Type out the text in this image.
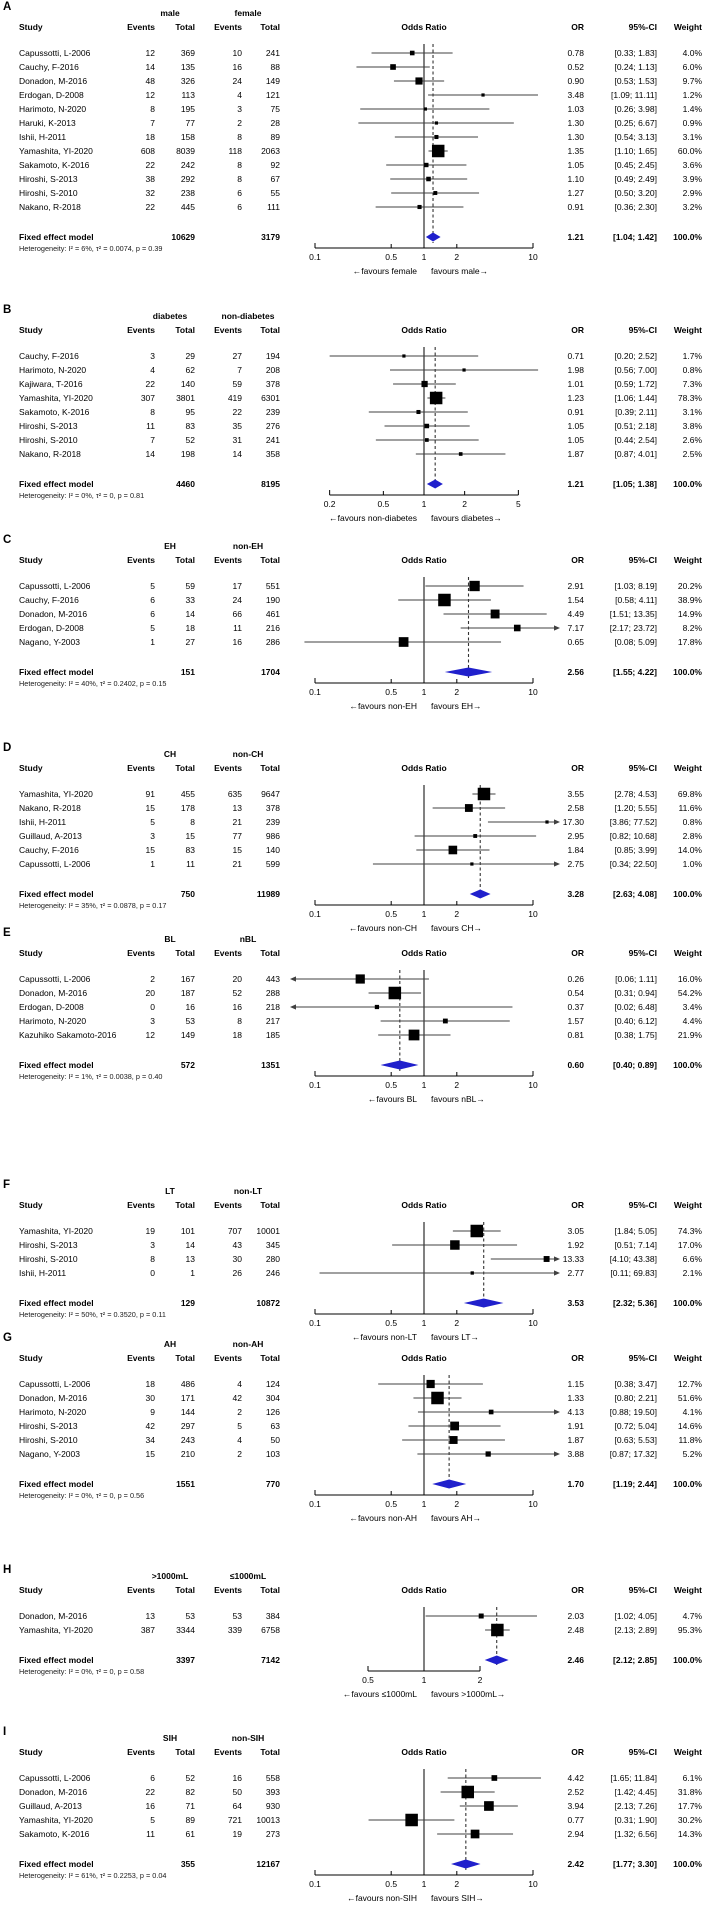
A	male	female
Study	Events Total Events Total	Odds Ratio	OR	95%-CI Weight
Capussotti, L-2006	12	369	10	241	0.78	[0.33; 1.83]	4.0%
Cauchy, F-2016	14	135	16	88	0.52	[0.24; 1.13]	6.0%
Donadon, M-2016	48	326	24	149	0.90	[0.53; 1.53]	9.7%
Erdogan, D-2008	12	113	4	121	3.48	[1.09; 11.11]	1.2%
Harimoto, N-2020	8	195	3	75	1.03	[0.26; 3.98]	1.4%
Haruki, K-2013	7	77	2	28	1.30	[0.25; 6.67]	0.9%
Ishii, H-2011	18	158	8	89	1.30	[0.54; 3.13]	3.1%
Yamashita, YI-2020	608 8039	118 2063	1.35	[1.10; 1.65] 60.0%
Sakamoto, K-2016	22	242	8	92	1.05	[0.45; 2.45]	3.6%
Hiroshi, S-2013	38	292	8	67	1.10	[0.49; 2.49]	3.9%
Hiroshi, S-2010	32	238	6	55	1.27	[0.50; 3.20]	2.9%
Nakano, R-2018	22	445	6	111	0.91	[0.36; 2.30]	3.2%
Fixed effect model	10629	3179	1.21	[1.04; 1.42] 100.0%
Heterogeneity: I² = 6%, τ² = 0.0074, p = 0.39
0.1	0.5	1	2	10
←favours female favours male→
B	diabetes	non-diabetes
Study	Events Total Events Total	Odds Ratio	OR	95%-CI Weight
Cauchy, F-2016	3	29	27	194	0.71	[0.20; 2.52]	1.7%
Harimoto, N-2020	4	62	7	208	1.98	[0.56; 7.00]	0.8%
Kajiwara, T-2016	22	140	59	378	1.01	[0.59; 1.72]	7.3%
Yamashita, YI-2020	307 3801	419 6301	1.23	[1.06; 1.44] 78.3%
Sakamoto, K-2016	8	95	22	239	0.91	[0.39; 2.11]	3.1%
Hiroshi, S-2013	11	83	35	276	1.05	[0.51; 2.18]	3.8%
Hiroshi, S-2010	7	52	31	241	1.05	[0.44; 2.54]	2.6%
Nakano, R-2018	14	198	14	358	1.87	[0.87; 4.01]	2.5%
Fixed effect model	4460	8195	1.21	[1.05; 1.38] 100.0%
Heterogeneity: I² = 0%, τ² = 0, p = 0.81
0.2	0.5	1	2	5
←favours non-diabetes favours diabetes→
C	EH	non-EH
Study	Events Total Events Total	Odds Ratio	OR	95%-CI Weight
Capussotti, L-2006	5	59	17	551	2.91	[1.03; 8.19] 20.2%
Cauchy, F-2016	6	33	24	190	1.54	[0.58; 4.11] 38.9%
Donadon, M-2016	6	14	66	461	4.49	[1.51; 13.35] 14.9%
Erdogan, D-2008	5	18	11	216	7.17	[2.17; 23.72]	8.2%
Nagano, Y-2003	1	27	16	286	0.65	[0.08; 5.09] 17.8%
Fixed effect model	151	1704	2.56	[1.55; 4.22] 100.0%
Heterogeneity: I² = 40%, τ² = 0.2402, p = 0.15
0.1	0.5	1	2	10
←favours non-EH favours EH→
D	CH	non-CH
Study	Events Total Events Total	Odds Ratio	OR	95%-CI Weight
Yamashita, YI-2020	91	455	635 9647	3.55	[2.78; 4.53] 69.8%
Nakano, R-2018	15	178	13	378	2.58	[1.20; 5.55]	11.6%
Ishii, H-2011	5	8	21	239	17.30	[3.86; 77.52]	0.8%
Guillaud, A-2013	3	15	77	986	2.95	[0.82; 10.68]	2.8%
Cauchy, F-2016	15	83	15	140	1.84	[0.85; 3.99] 14.0%
Capussotti, L-2006	1	11	21	599	2.75	[0.34; 22.50]	1.0%
Fixed effect model	750	11989	3.28	[2.63; 4.08] 100.0%
Heterogeneity: I² = 35%, τ² = 0.0878, p = 0.17
0.1	0.5	1	2	10
←favours non-CH favours CH→
E	BL	nBL
Study	Events Total Events Total	Odds Ratio	OR	95%-CI Weight
Capussotti, L-2006	2	167	20	443	0.26	[0.06; 1.11] 16.0%
Donadon, M-2016	20	187	52	288	0.54	[0.31; 0.94] 54.2%
Erdogan, D-2008	0	16	16	218	0.37	[0.02; 6.48]	3.4%
Harimoto, N-2020	3	53	8	217	1.57	[0.40; 6.12]	4.4%
Kazuhiko Sakamoto-2016	12	149	18	185	0.81	[0.38; 1.75] 21.9%
Fixed effect model	572	1351	0.60	[0.40; 0.89] 100.0%
Heterogeneity: I² = 1%, τ² = 0.0038, p = 0.40
0.1	0.5	1	2	10
←favours BL favours nBL→
F	LT	non-LT
Study	Events Total Events Total	Odds Ratio	OR	95%-CI Weight
Yamashita, YI-2020	19	101	707 10001	3.05	[1.84; 5.05] 74.3%
Hiroshi, S-2013	3	14	43	345	1.92	[0.51; 7.14] 17.0%
Hiroshi, S-2010	8	13	30	280	13.33	[4.10; 43.38]	6.6%
Ishii, H-2011	0	1	26	246	2.77	[0.11; 69.83]	2.1%
Fixed effect model	129	10872	3.53	[2.32; 5.36] 100.0%
Heterogeneity: I² = 50%, τ² = 0.3520, p = 0.11
0.1	0.5	1	2	10
←favours non-LT favours LT→
G	AH	non-AH
Study	Events Total Events Total	Odds Ratio	OR	95%-CI Weight
Capussotti, L-2006	18	486	4	124	1.15	[0.38; 3.47] 12.7%
Donadon, M-2016	30	171	42	304	1.33	[0.80; 2.21] 51.6%
Harimoto, N-2020	9	144	2	126	4.13	[0.88; 19.50]	4.1%
Hiroshi, S-2013	42	297	5	63	1.91	[0.72; 5.04] 14.6%
Hiroshi, S-2010	34	243	4	50	1.87	[0.63; 5.53]	11.8%
Nagano, Y-2003	15	210	2	103	3.88	[0.87; 17.32]	5.2%
Fixed effect model	1551	770	1.70	[1.19; 2.44] 100.0%
Heterogeneity: I² = 0%, τ² = 0, p = 0.56
0.1	0.5	1	2	10
←favours non-AH favours AH→
H	>1000mL	≤1000mL
Study	Events Total Events Total	Odds Ratio	OR	95%-CI Weight
Donadon, M-2016	13	53	53	384	2.03	[1.02; 4.05]	4.7%
Yamashita, YI-2020	387 3344	339 6758	2.48	[2.13; 2.89] 95.3%
Fixed effect model	3397	7142	2.46	[2.12; 2.85] 100.0%
Heterogeneity: I² = 0%, τ² = 0, p = 0.58
0.5	1	2
←favours ≤1000mL favours >1000mL→
I	SIH	non-SIH
Study	Events Total Events Total	Odds Ratio	OR	95%-CI Weight
Capussotti, L-2006	6	52	16	558	4.42	[1.65; 11.84]	6.1%
Donadon, M-2016	22	82	50	393	2.52	[1.42; 4.45] 31.8%
Guillaud, A-2013	16	71	64	930	3.94	[2.13; 7.26] 17.7%
Yamashita, YI-2020	5	89	721 10013	0.77	[0.31; 1.90] 30.2%
Sakamoto, K-2016	11	61	19	273	2.94	[1.32; 6.56] 14.3%
Fixed effect model	355	12167	2.42	[1.77; 3.30] 100.0%
Heterogeneity: I² = 61%, τ² = 0.2253, p = 0.04
0.1	0.5	1	2	10
←favours non-SIH favours SIH→
